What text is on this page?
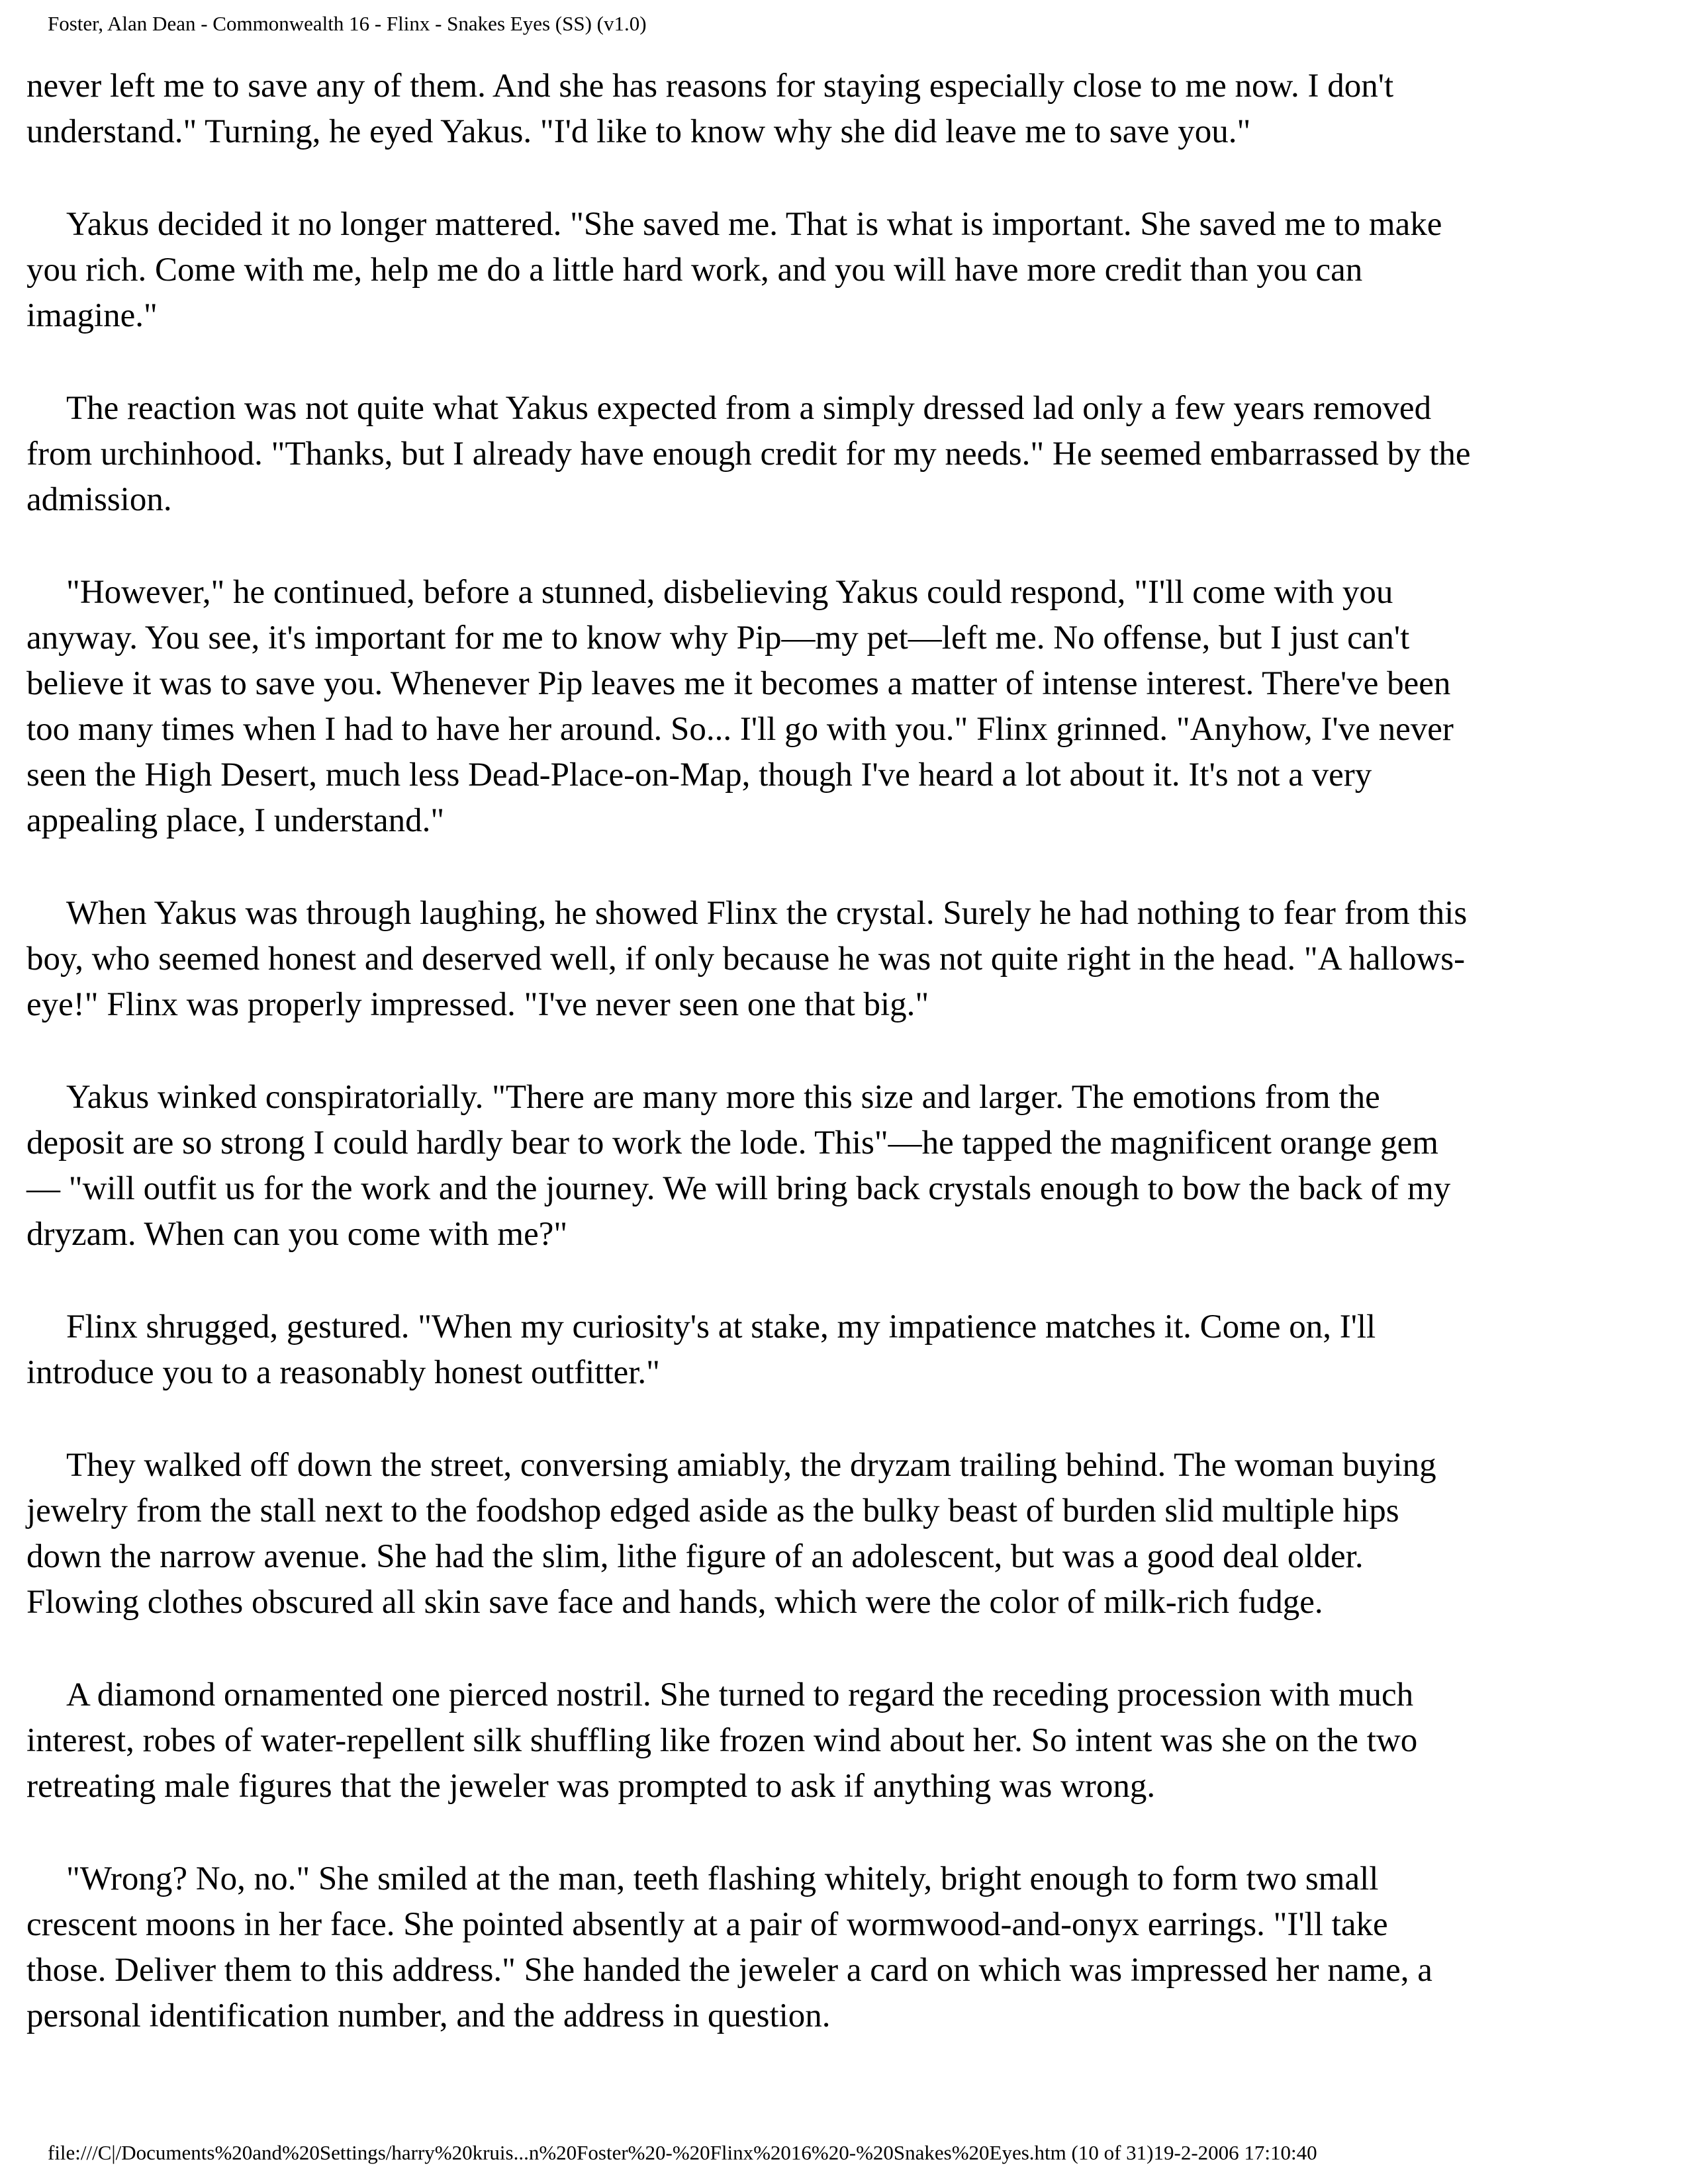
Foster, Alan Dean - Commonwealth 16 - Flinx - Snakes Eyes (SS) (v1.0)

never left me to save any of them. And she has reasons for staying especially close to me now. I don't
understand." Turning, he eyed Yakus. "I'd like to know why she did leave me to save you."

Yakus decided it no longer mattered. "She saved me. That is what is important. She saved me to make
you rich. Come with me, help me do a little hard work, and you will have more credit than you can
imagine."

The reaction was not quite what Yakus expected from a simply dressed lad only a few years removed
from urchinhood. "Thanks, but I already have enough credit for my needs." He seemed embarrassed by the
admission.

"However," he continued, before a stunned, disbelieving Yakus could respond, "I'll come with you
anyway. You see, it's important for me to know why Pip—my pet—left me. No offense, but I just can't
believe it was to save you. Whenever Pip leaves me it becomes a matter of intense interest. There've been
too many times when I had to have her around. So... I'll go with you." Flinx grinned. "Anyhow, I've never
seen the High Desert, much less Dead-Place-on-Map, though I've heard a lot about it. It's not a very
appealing place, I understand."

When Yakus was through laughing, he showed Flinx the crystal. Surely he had nothing to fear from this
boy, who seemed honest and deserved well, if only because he was not quite right in the head. "A hallows-
eye!" Flinx was properly impressed. "I've never seen one that big."

Yakus winked conspiratorially. "There are many more this size and larger. The emotions from the
deposit are so strong I could hardly bear to work the lode. This"—he tapped the magnificent orange gem
— "will outfit us for the work and the journey. We will bring back crystals enough to bow the back of my
dryzam. When can you come with me?"

Flinx shrugged, gestured. "When my curiosity's at stake, my impatience matches it. Come on, I'll
introduce you to a reasonably honest outfitter."

They walked off down the street, conversing amiably, the dryzam trailing behind. The woman buying
jewelry from the stall next to the foodshop edged aside as the bulky beast of burden slid multiple hips
down the narrow avenue. She had the slim, lithe figure of an adolescent, but was a good deal older.
Flowing clothes obscured all skin save face and hands, which were the color of milk-rich fudge.

A diamond ornamented one pierced nostril. She turned to regard the receding procession with much
interest, robes of water-repellent silk shuffling like frozen wind about her. So intent was she on the two
retreating male figures that the jeweler was prompted to ask if anything was wrong.

"Wrong? No, no." She smiled at the man, teeth flashing whitely, bright enough to form two small
crescent moons in her face. She pointed absently at a pair of wormwood-and-onyx earrings. "I'll take
those. Deliver them to this address." She handed the jeweler a card on which was impressed her name, a
personal identification number, and the address in question.

file:///C|/Documents%20and%20Settings/harry%20kruis...n%20Foster%20-%20Flinx%2016%20-%20Snakes%20Eyes.htm (10 of 31)19-2-2006 17:10:40
